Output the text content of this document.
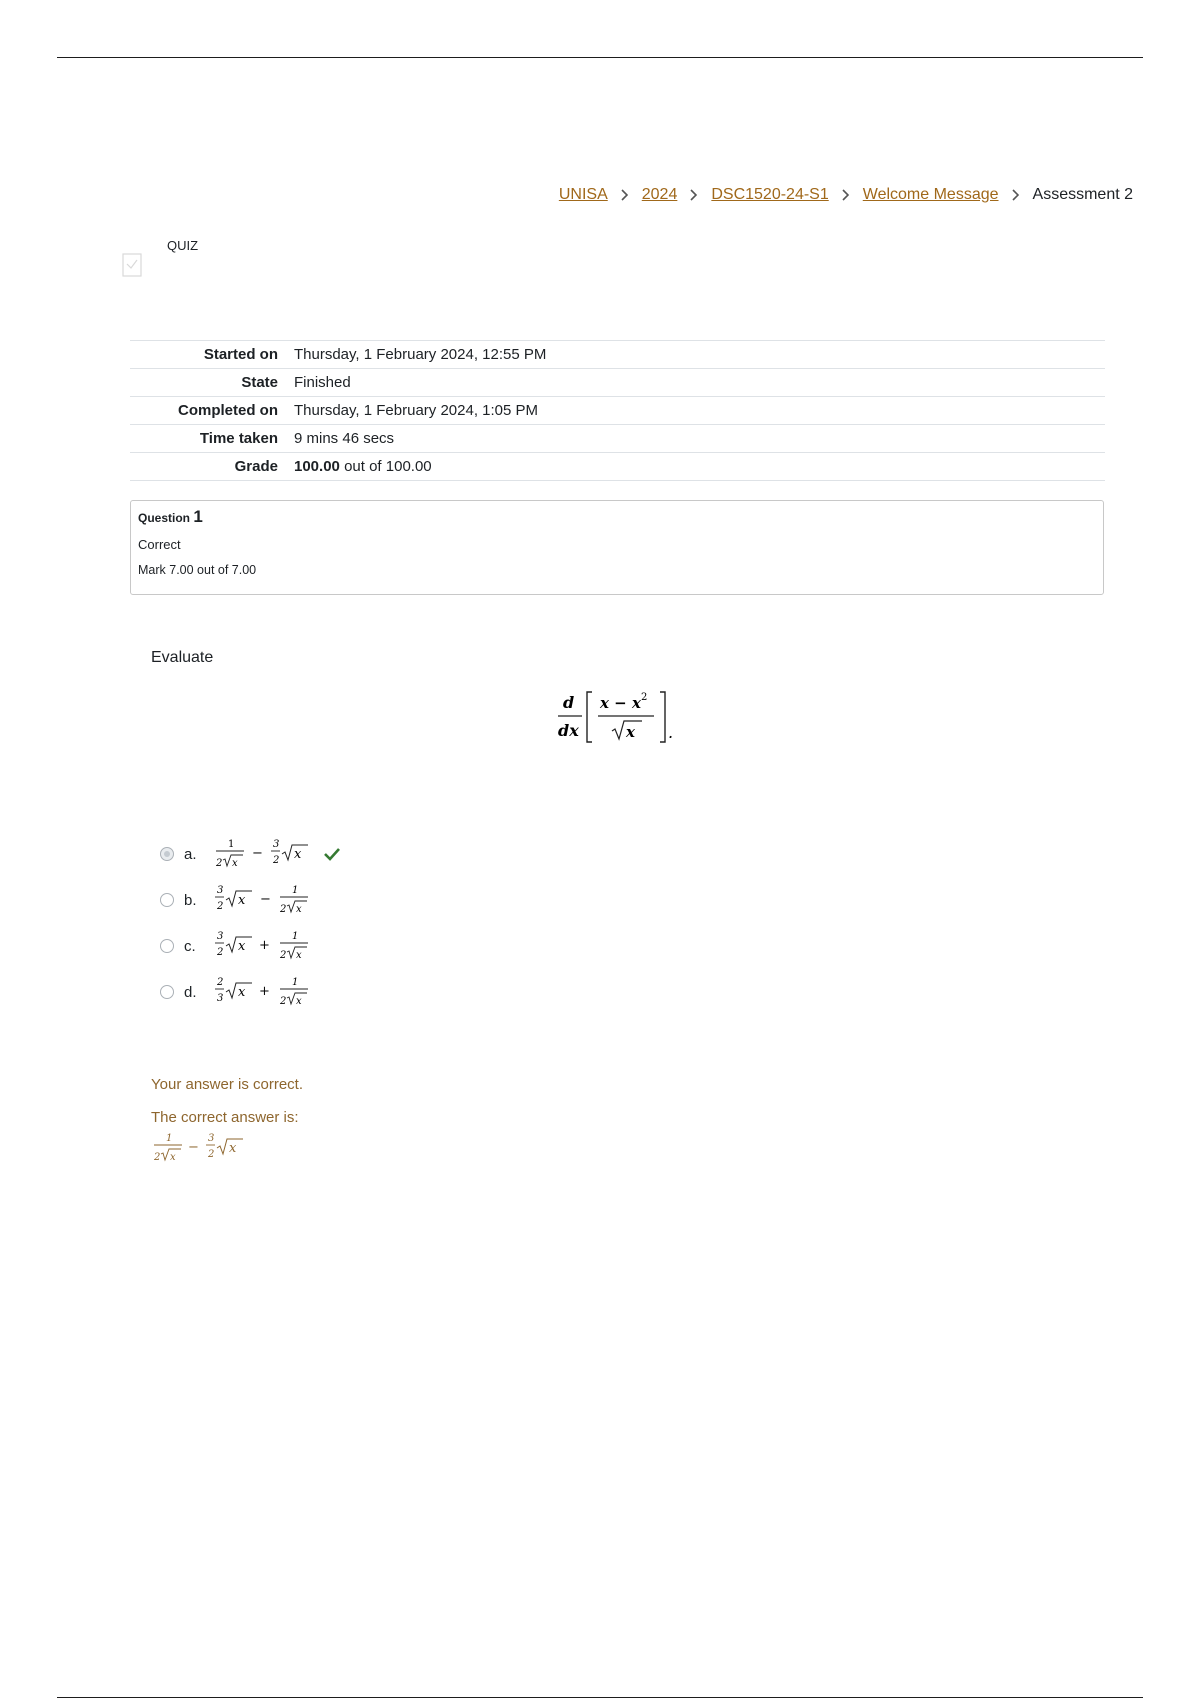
UNISA 2024 DSC1520-24-S1 Welcome Message Assessment 2
QUIZ
Started on	Thursday, 1 February 2024, 12:55 PM
State	Finished
Completed on	Thursday, 1 February 2024, 1:05 PM
Time taken	9 mins 46 secs
Grade	100.00 out of 100.00
Question 1
Correct
Mark 7.00 out of 7.00
Evaluate
d
dx
x − x 2
x .
a.
1
2 x
−
3
2 x
b.
3
2 x −
1
2 x
c.
3
2 x +
1
2 x
d.
2
3 x +
1
2 x
Your answer is correct.
The correct answer is:
1
2 x
−
3
2 x
